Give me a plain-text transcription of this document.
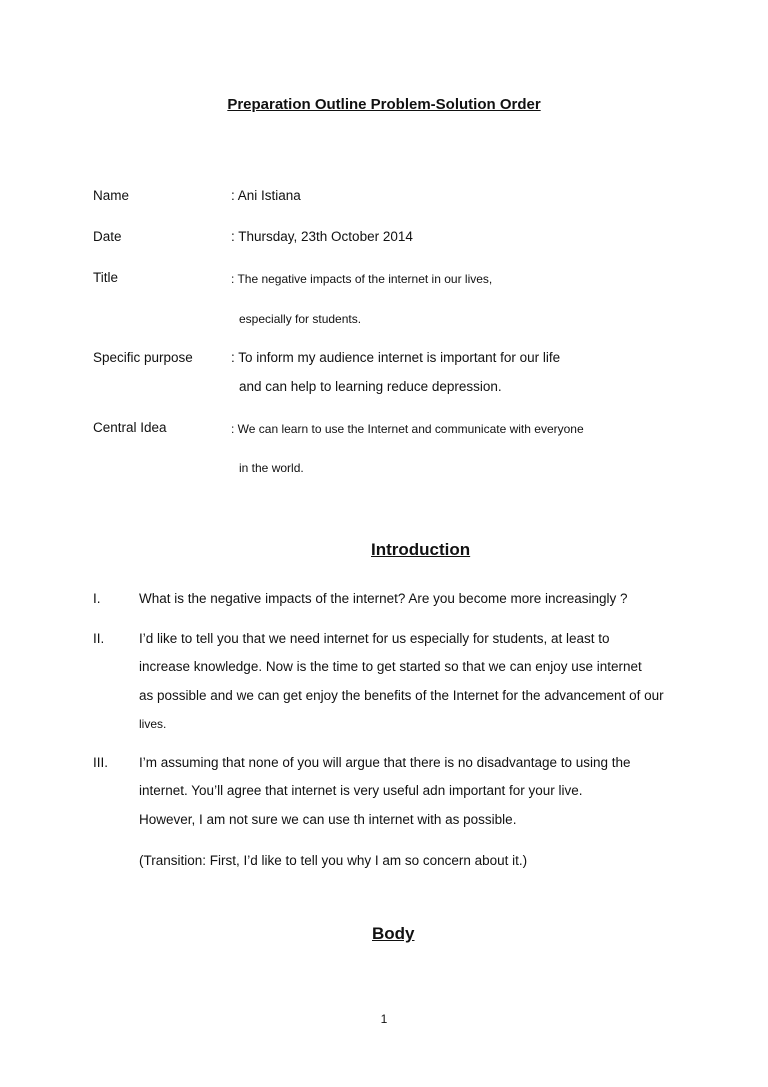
Preparation Outline Problem-Solution Order
Name	: Ani Istiana
Date	: Thursday, 23th October 2014
Title	: The negative impacts of the internet in our lives,
especially for students.
Specific purpose	: To inform my audience internet is important for our life
and can help to learning reduce depression.
Central Idea	: We can learn to use the Internet and communicate with everyone
in the world.
Introduction
I.	What is the negative impacts of the internet? Are you become more increasingly ?
II.	I’d like to tell you that we need internet for us especially for students, at least to
increase knowledge. Now is the time to get started so that we can enjoy use internet
as possible and we can get enjoy the benefits of the Internet for the advancement of our
lives.
III. I’m assuming that none of you will argue that there is no disadvantage to using the
internet. You’ll agree that internet is very useful adn important for your live.
However, I am not sure we can use th internet with as possible.
(Transition: First, I’d like to tell you why I am so concern about it.)
Body
1
